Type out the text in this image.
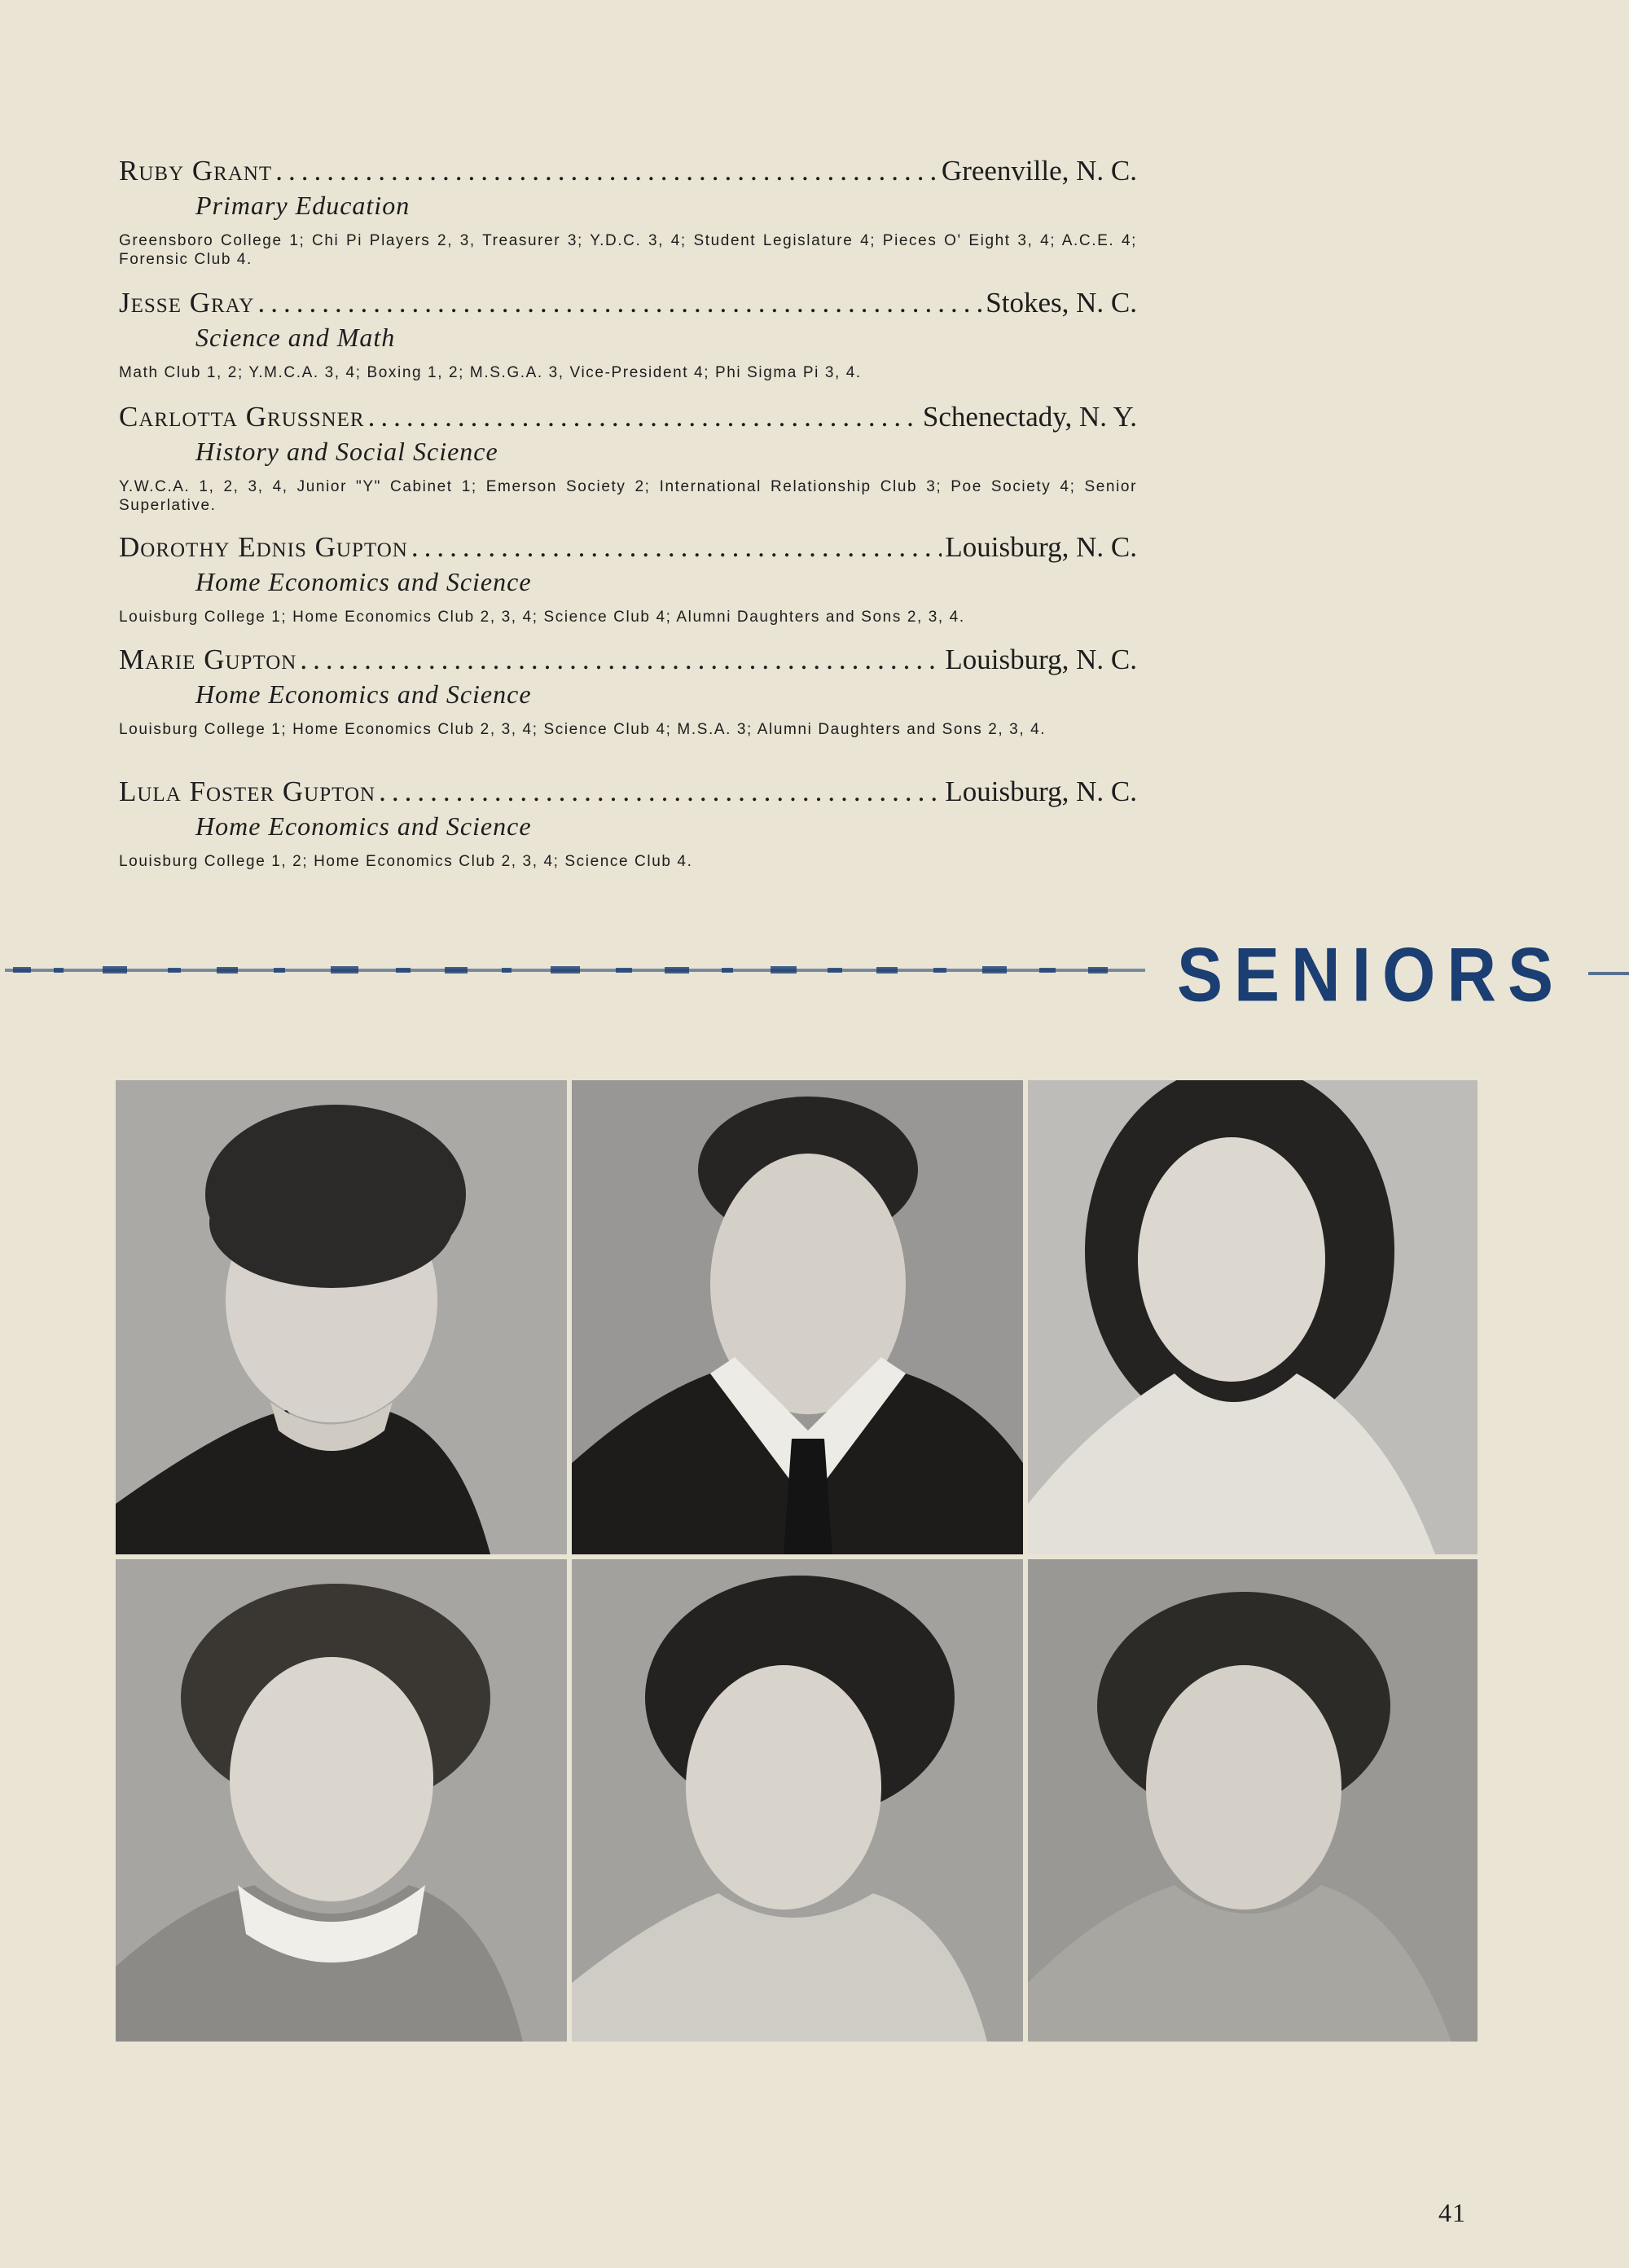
Ruby Grant .....	Greenville, N. C.
Primary Education
Greensboro College 1; Chi Pi Players 2, 3, Treasurer 3; Y.D.C. 3, 4; Student Legislature 4; Pieces O' Eight 3, 4; A.C.E. 4; Forensic Club 4.
Jesse Gray .....	Stokes, N. C.
Science and Math
Math Club 1, 2; Y.M.C.A. 3, 4; Boxing 1, 2; M.S.G.A. 3, Vice-President 4; Phi Sigma Pi 3, 4.
Carlotta Grussner .....	Schenectady, N. Y.
History and Social Science
Y.W.C.A. 1, 2, 3, 4, Junior "Y" Cabinet 1; Emerson Society 2; International Relationship Club 3; Poe Society 4; Senior Superlative.
Dorothy Ednis Gupton .....	Louisburg, N. C.
Home Economics and Science
Louisburg College 1; Home Economics Club 2, 3, 4; Science Club 4; Alumni Daughters and Sons 2, 3, 4.
Marie Gupton .....	Louisburg, N. C.
Home Economics and Science
Louisburg College 1; Home Economics Club 2, 3, 4; Science Club 4; M.S.A. 3; Alumni Daughters and Sons 2, 3, 4.
Lula Foster Gupton .....	Louisburg, N. C.
Home Economics and Science
Louisburg College 1, 2; Home Economics Club 2, 3, 4; Science Club 4.
SENIORS
41
